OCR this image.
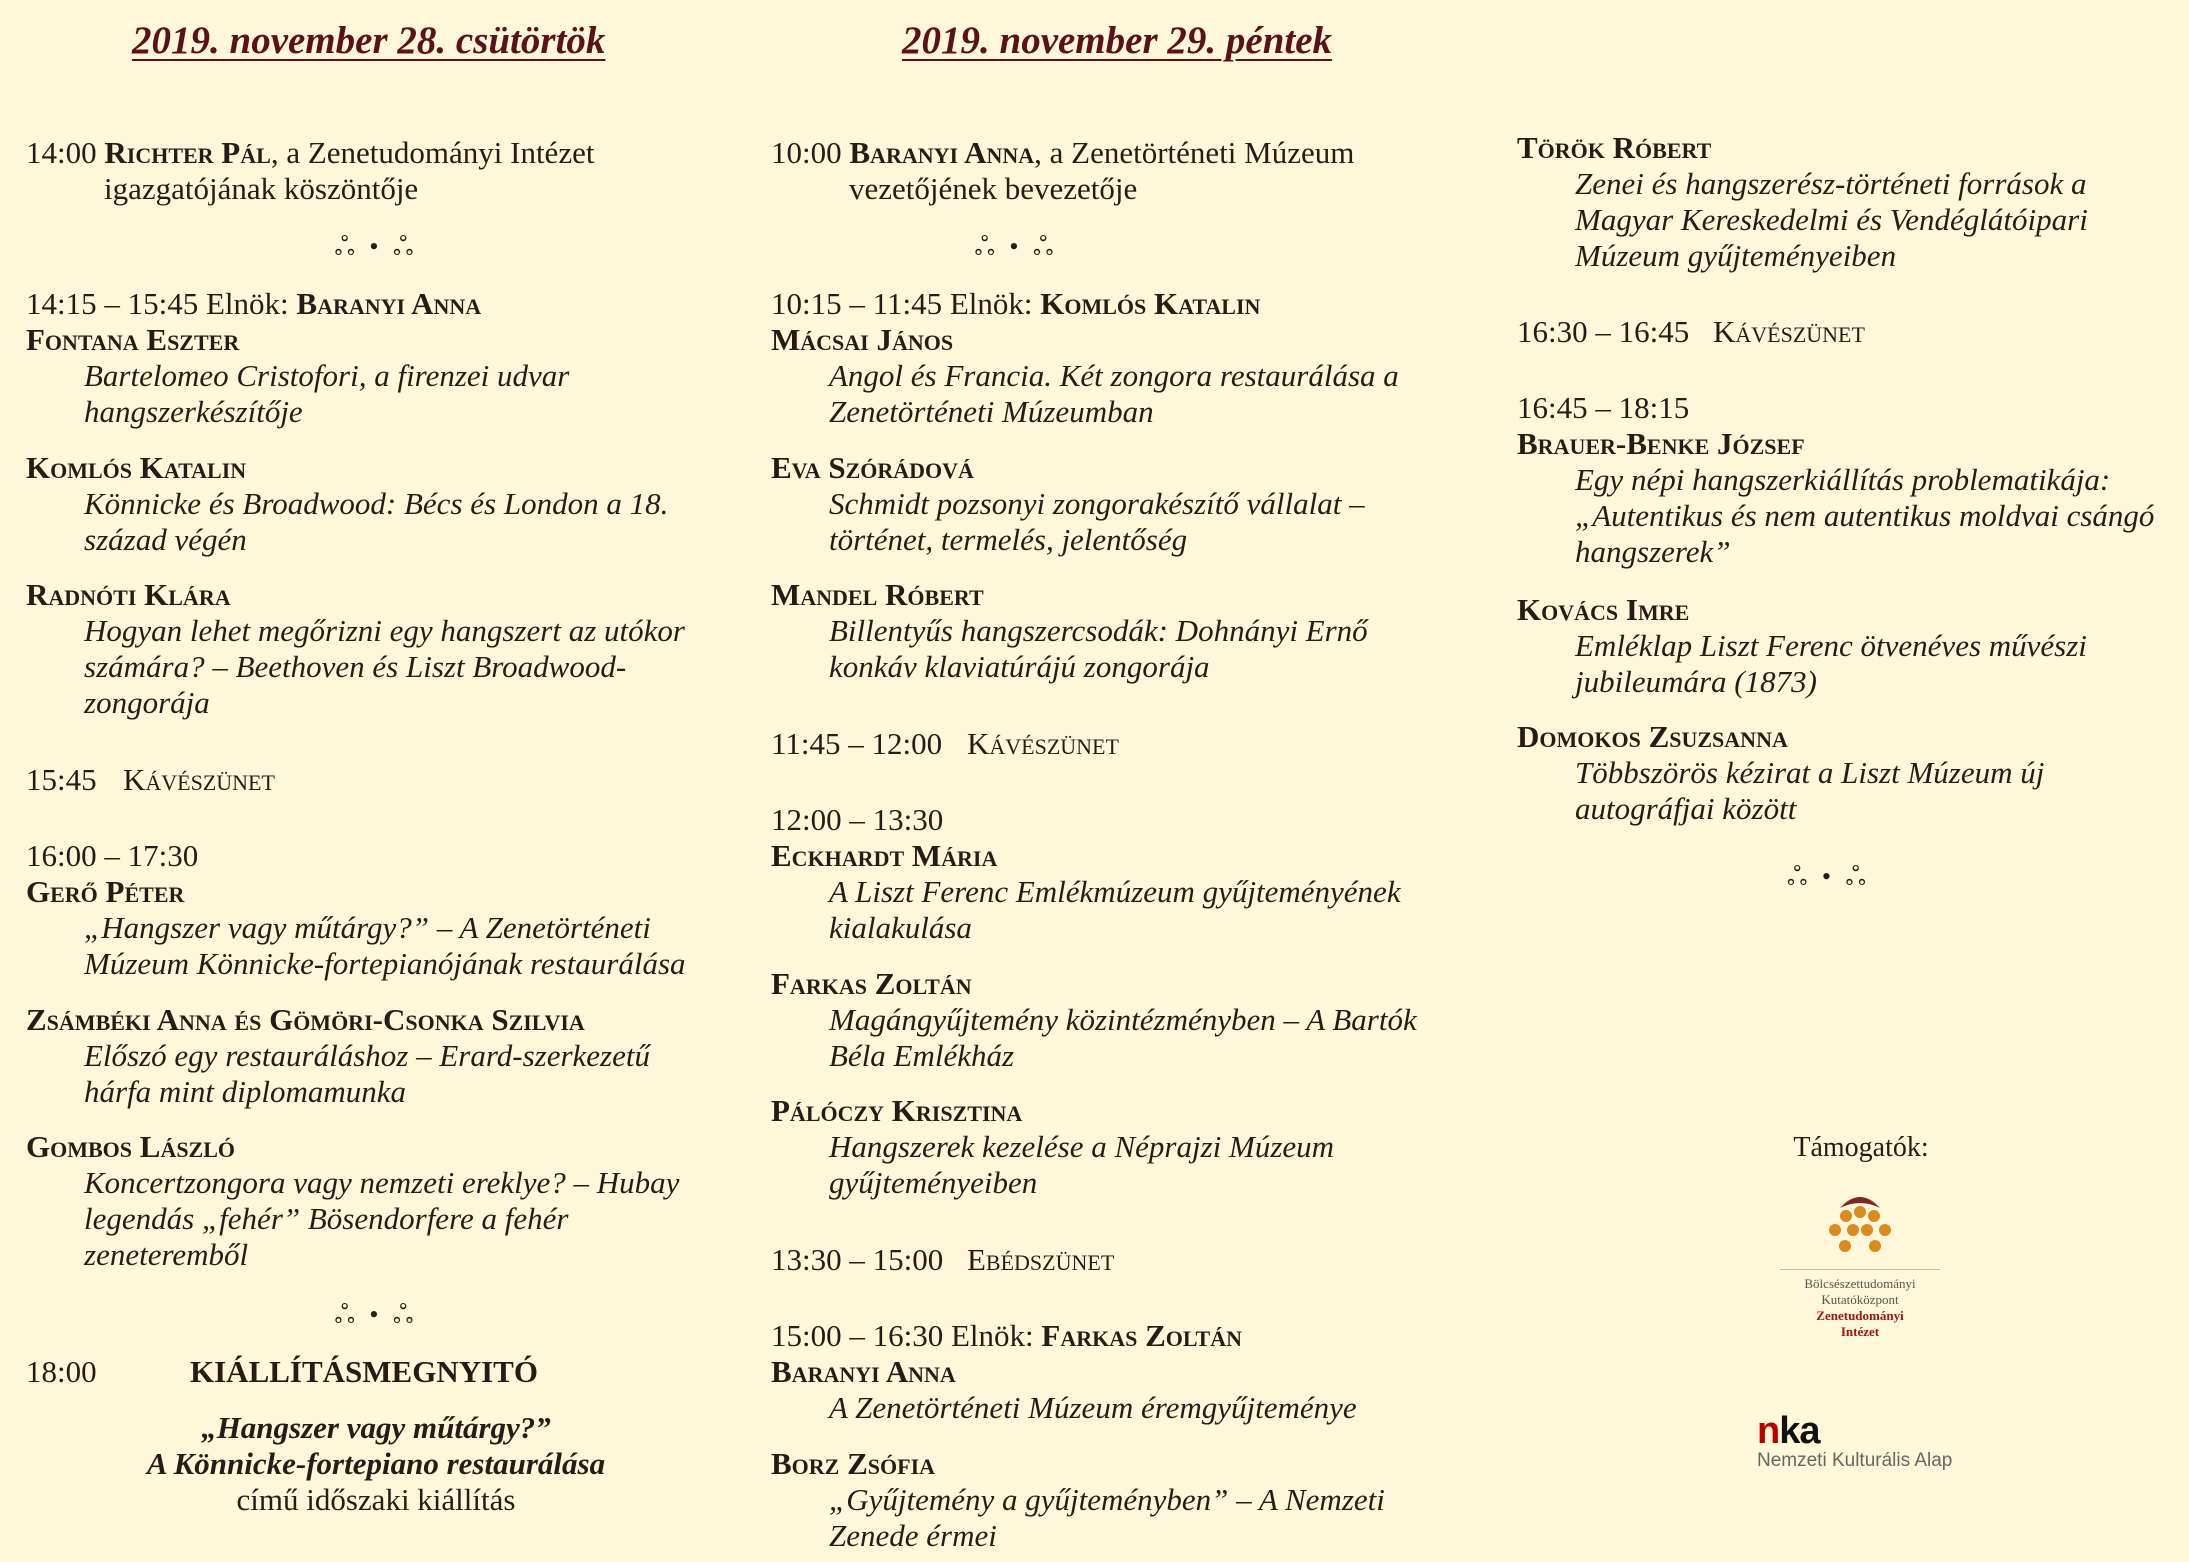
2019. november 28. csütörtök	2019. november 29. péntek
14:00 Richter Pál, a Zenetudományi Intézet
igazgatójának köszöntője
ஃ • ஃ
14:15 – 15:45 Elnök: Baranyi Anna
Fontana Eszter
Bartelomeo Cristofori, a firenzei udvar
hangszerkészítője
Komlós Katalin
Könnicke és Broadwood: Bécs és London a 18.
század végén
Radnóti Klára
Hogyan lehet megőrizni egy hangszert az utókor
számára? – Beethoven és Liszt Broadwood-
zongorája
15:45 Kávészünet
16:00 – 17:30
Gerő Péter
„Hangszer vagy műtárgy?” – A Zenetörténeti
Múzeum Könnicke-fortepianójának restaurálása
Zsámbéki Anna és Gömöri-Csonka Szilvia
Előszó egy restauráláshoz – Erard-szerkezetű
hárfa mint diplomamunka
Gombos László
Koncertzongora vagy nemzeti ereklye? – Hubay
legendás „fehér” Bösendorfere a fehér
zeneteremből
ஃ • ஃ
18:00	KIÁLLÍTÁSMEGNYITÓ
„Hangszer vagy műtárgy?”
A Könnicke-fortepiano restaurálása
című időszaki kiállítás
10:00 Baranyi Anna, a Zenetörténeti Múzeum
vezetőjének bevezetője
ஃ • ஃ
10:15 – 11:45 Elnök: Komlós Katalin
Mácsai János
Angol és Francia. Két zongora restaurálása a
Zenetörténeti Múzeumban
Eva Szórádová
Schmidt pozsonyi zongorakészítő vállalat –
történet, termelés, jelentőség
Mandel Róbert
Billentyűs hangszercsodák: Dohnányi Ernő
konkáv klaviatúrájú zongorája
11:45 – 12:00 Kávészünet
12:00 – 13:30
Eckhardt Mária
A Liszt Ferenc Emlékmúzeum gyűjteményének
kialakulása
Farkas Zoltán
Magángyűjtemény közintézményben – A Bartók
Béla Emlékház
Pálóczy Krisztina
Hangszerek kezelése a Néprajzi Múzeum
gyűjteményeiben
13:30 – 15:00 Ebédszünet
15:00 – 16:30 Elnök: Farkas Zoltán
Baranyi Anna
A Zenetörténeti Múzeum éremgyűjteménye
Borz Zsófia
„Gyűjtemény a gyűjteményben” – A Nemzeti
Zenede érmei
Török Róbert
Zenei és hangszerész-történeti források a
Magyar Kereskedelmi és Vendéglátóipari
Múzeum gyűjteményeiben
16:30 – 16:45 Kávészünet
16:45 – 18:15
Brauer-Benke József
Egy népi hangszerkiállítás problematikája:
„Autentikus és nem autentikus moldvai csángó
hangszerek”
Kovács Imre
Emléklap Liszt Ferenc ötvenéves művészi
jubileumára (1873)
Domokos Zsuzsanna
Többszörös kézirat a Liszt Múzeum új
autográfjai között
ஃ • ஃ
Támogatók:
Bölcsészettudományi
Kutatóközpont
Zenetudományi
Intézet
nka
Nemzeti Kulturális Alap
